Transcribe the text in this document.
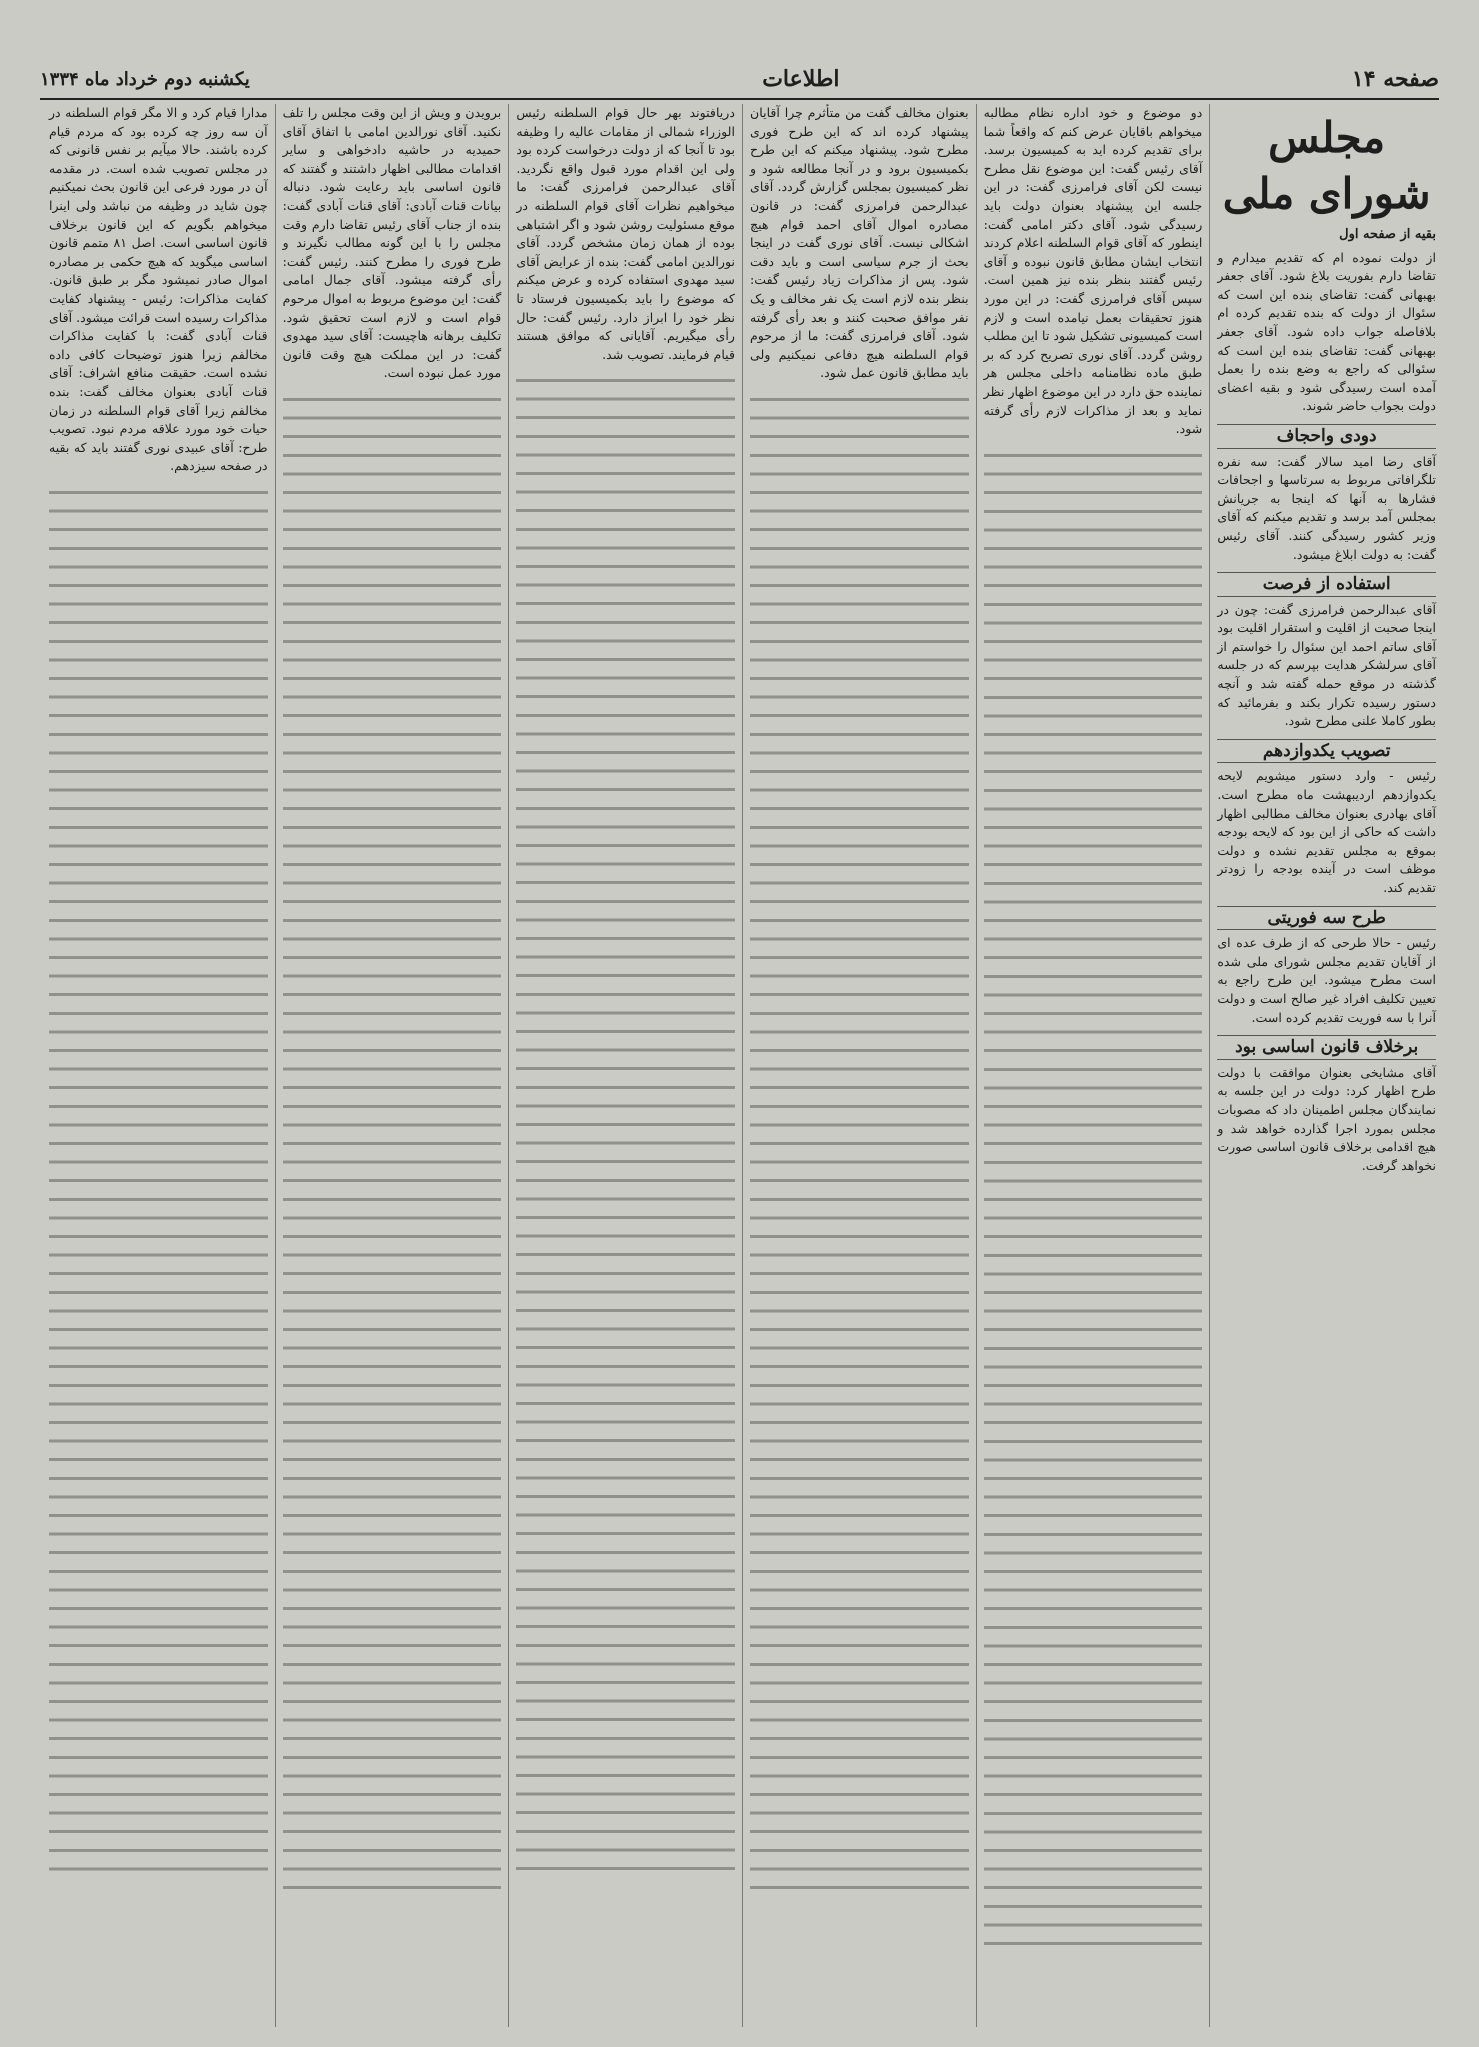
صفحه ۱۴
اطلاعات
یکشنبه دوم خرداد ماه ۱۳۳۴
مجلس شورای ملی
بقیه از صفحه اول

از دولت نموده ام که تقدیم میدارم و تقاضا دارم بفوریت بلاغ شود. آقای جعفر بهبهانی گفت: تقاضای بنده این است که سئوال از دولت که بنده تقدیم کرده ام بلافاصله جواب داده شود. آقای جعفر بهبهانی گفت: تقاضای بنده این است که سئوالی که راجع به وضع بنده را بعمل آمده است رسیدگی شود و بقیه اعضای دولت بجواب حاضر شوند.

دودی واحجاف

آقای رضا امید سالار گفت: سه نفره تلگرافاتی مربوط به سرتاسها و اجحافات فشارها به آنها که اینجا به جریانش بمجلس آمد برسد و تقدیم میکنم که آقای وزیر کشور رسیدگی کنند. آقای رئیس گفت: به دولت ابلاغ میشود.

استفاده از فرصت

آقای عبدالرحمن فرامرزی گفت: چون در اینجا صحبت از اقلیت و استقرار اقلیت بود آقای ساتم احمد این سئوال را خواستم از آقای سرلشکر هدایت بپرسم که در جلسه گذشته در موقع حمله گفته شد و آنچه دستور رسیده تکرار بکند و بفرمائید که بطور کاملا علنی مطرح شود.

تصویب یکدوازدهم

رئیس - وارد دستور میشویم لایحه یکدوازدهم اردیبهشت ماه مطرح است. آقای بهادری بعنوان مخالف مطالبی اظهار داشت که حاکی از این بود که لایحه بودجه بموقع به مجلس تقدیم نشده و دولت موظف است در آینده بودجه را زودتر تقدیم کند.

طرح سه فوریتی

رئیس - حالا طرحی که از طرف عده ای از آقایان تقدیم مجلس شورای ملی شده است مطرح میشود. این طرح راجع به تعیین تکلیف افراد غیر صالح است و دولت آنرا با سه فوریت تقدیم کرده است.

برخلاف قانون اساسی بود

آقای مشایخی بعنوان موافقت با دولت طرح اظهار کرد: دولت در این جلسه به نمایندگان مجلس اطمینان داد که مصوبات مجلس بمورد اجرا گذارده خواهد شد و هیچ اقدامی برخلاف قانون اساسی صورت نخواهد گرفت.

دو موضوع و خود اداره نظام مطالبه میخواهم باقایان عرض کنم که واقعاً شما برای تقدیم کرده اید به کمیسیون برسد. آقای رئیس گفت: این موضوع نقل مطرح نیست لکن آقای فرامرزی گفت: در این جلسه این پیشنهاد بعنوان دولت باید رسیدگی شود. آقای دکتر امامی گفت: اینطور که آقای قوام السلطنه اعلام کردند انتخاب ایشان مطابق قانون نبوده و آقای رئیس گفتند بنظر بنده نیز همین است. سپس آقای فرامرزی گفت: در این مورد هنوز تحقیقات بعمل نیامده است و لازم است کمیسیونی تشکیل شود تا این مطلب روشن گردد. آقای نوری تصریح کرد که بر طبق ماده نظامنامه داخلی مجلس هر نماینده حق دارد در این موضوع اظهار نظر نماید و بعد از مذاکرات لازم رأی گرفته شود.

بعنوان مخالف گفت من متأثرم چرا آقایان پیشنهاد کرده اند که این طرح فوری مطرح شود. پیشنهاد میکنم که این طرح بکمیسیون برود و در آنجا مطالعه شود و نظر کمیسیون بمجلس گزارش گردد. آقای عبدالرحمن فرامرزی گفت: در قانون مصادره اموال آقای احمد قوام هیچ اشکالی نیست. آقای نوری گفت در اینجا بحث از جرم سیاسی است و باید دقت شود. پس از مذاکرات زیاد رئیس گفت: بنظر بنده لازم است یک نفر مخالف و یک نفر موافق صحبت کنند و بعد رأی گرفته شود. آقای فرامرزی گفت: ما از مرحوم قوام السلطنه هیچ دفاعی نمیکنیم ولی باید مطابق قانون عمل شود.

دریافتوند بهر حال قوام السلطنه رئیس الوزراء شمالی از مقامات عالیه را وظیفه بود تا آنجا که از دولت درخواست کرده بود ولی این اقدام مورد قبول واقع نگردید. آقای عبدالرحمن فرامرزی گفت: ما میخواهیم نظرات آقای قوام السلطنه در موقع مسئولیت روشن شود و اگر اشتباهی بوده از همان زمان مشخص گردد. آقای نورالدین امامی گفت: بنده از عرایض آقای سید مهدوی استفاده کرده و عرض میکنم که موضوع را باید بکمیسیون فرستاد تا نظر خود را ابراز دارد. رئیس گفت: حال رأی میگیریم. آقایانی که موافق هستند قیام فرمایند. تصویب شد.

برویدن و ویش از این وقت مجلس را تلف نکنید. آقای نورالدین امامی با اتفاق آقای حمیدیه در حاشیه دادخواهی و سایر اقدامات مطالبی اظهار داشتند و گفتند که قانون اساسی باید رعایت شود. دنباله بیانات قنات آبادی: آقای قنات آبادی گفت: بنده از جناب آقای رئیس تقاضا دارم وقت مجلس را با این گونه مطالب نگیرند و طرح فوری را مطرح کنند. رئیس گفت: رأی گرفته میشود. آقای جمال امامی گفت: این موضوع مربوط به اموال مرحوم قوام است و لازم است تحقیق شود. تکلیف برهانه هاچیست: آقای سید مهدوی گفت: در این مملکت هیچ وقت قانون مورد عمل نبوده است.

مدارا قیام کرد و الا مگر قوام السلطنه در آن سه روز چه کرده بود که مردم قیام کرده باشند. حالا میآیم بر نفس قانونی که در مجلس تصویب شده است. در مقدمه آن در مورد فرعی این قانون بحث نمیکنیم چون شاید در وظیفه من نباشد ولی اینرا میخواهم بگویم که این قانون برخلاف قانون اساسی است. اصل ۸۱ متمم قانون اساسی میگوید که هیچ حکمی بر مصادره اموال صادر نمیشود مگر بر طبق قانون. کفایت مذاکرات: رئیس - پیشنهاد کفایت مذاکرات رسیده است قرائت میشود. آقای قنات آبادی گفت: با کفایت مذاکرات مخالفم زیرا هنوز توضیحات کافی داده نشده است. حقیقت منافع اشراف: آقای قنات آبادی بعنوان مخالف گفت: بنده مخالفم زیرا آقای قوام السلطنه در زمان حیات خود مورد علاقه مردم نبود. تصویب طرح: آقای عبیدی نوری گفتند باید که بقیه در صفحه سیزدهم.
